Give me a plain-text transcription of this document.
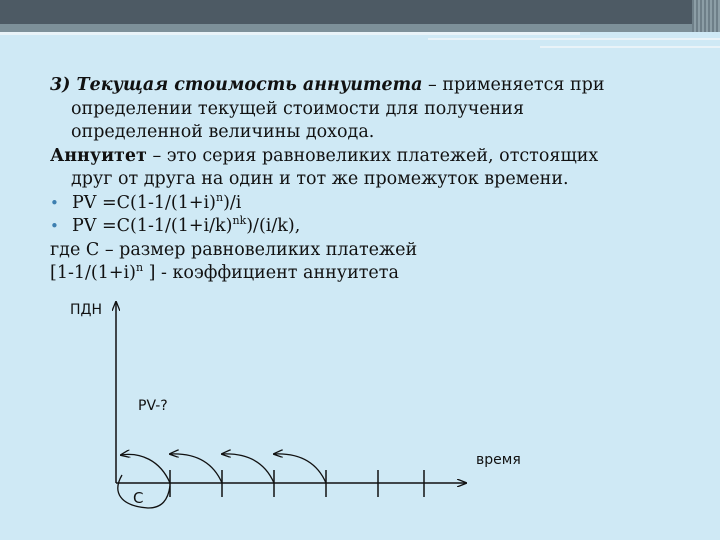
3) Текущая стоимость аннуитета – применяется при
определении текущей стоимости для получения
определенной величины дохода.
Аннуитет – это серия равновеликих платежей, отстоящих
друг от друга на один и тот же промежуток времени.
• PV $=C(1-1/(1+i)^n)/i$
• PV $=C(1-1/(1+i/k)^{nk})/(i/k)$,
где С – размер равновеликих платежей
[$1-1/(1+i)^n$ ] - коэффициент аннуитета
ПДН
PV-?
время
С
